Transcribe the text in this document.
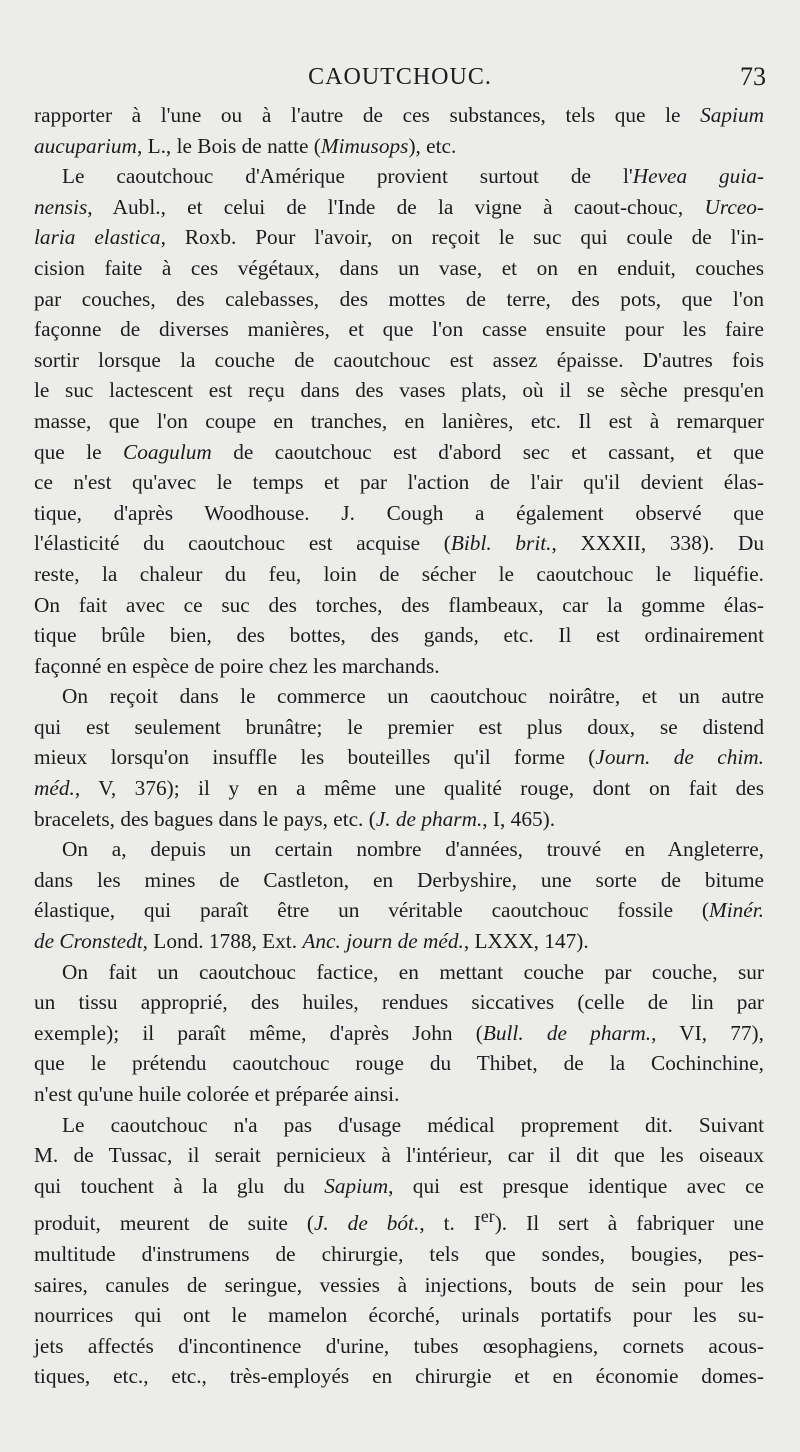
CAOUTCHOUC.	73
rapporter à l'une ou à l'autre de ces substances, tels que le Sapium
aucuparium, L., le Bois de natte (Mimusops), etc.
Le caoutchouc d'Amérique provient surtout de l'Hevea guia-
nensis, Aubl., et celui de l'Inde de la vigne à caout-chouc, Urceo-
laria elastica, Roxb. Pour l'avoir, on reçoit le suc qui coule de l'in-
cision faite à ces végétaux, dans un vase, et on en enduit, couches
par couches, des calebasses, des mottes de terre, des pots, que l'on
façonne de diverses manières, et que l'on casse ensuite pour les faire
sortir lorsque la couche de caoutchouc est assez épaisse. D'autres fois
le suc lactescent est reçu dans des vases plats, où il se sèche presqu'en
masse, que l'on coupe en tranches, en lanières, etc. Il est à remarquer
que le Coagulum de caoutchouc est d'abord sec et cassant, et que
ce n'est qu'avec le temps et par l'action de l'air qu'il devient élas-
tique, d'après Woodhouse. J. Cough a également observé que
l'élasticité du caoutchouc est acquise (Bibl. brit., XXXII, 338). Du
reste, la chaleur du feu, loin de sécher le caoutchouc le liquéfie.
On fait avec ce suc des torches, des flambeaux, car la gomme élas-
tique brûle bien, des bottes, des gands, etc. Il est ordinairement
façonné en espèce de poire chez les marchands.
On reçoit dans le commerce un caoutchouc noirâtre, et un autre
qui est seulement brunâtre; le premier est plus doux, se distend
mieux lorsqu'on insuffle les bouteilles qu'il forme (Journ. de chim.
méd., V, 376); il y en a même une qualité rouge, dont on fait des
bracelets, des bagues dans le pays, etc. (J. de pharm., I, 465).
On a, depuis un certain nombre d'années, trouvé en Angleterre,
dans les mines de Castleton, en Derbyshire, une sorte de bitume
élastique, qui paraît être un véritable caoutchouc fossile (Minér.
de Cronstedt, Lond. 1788, Ext. Anc. journ de méd., LXXX, 147).
On fait un caoutchouc factice, en mettant couche par couche, sur
un tissu approprié, des huiles, rendues siccatives (celle de lin par
exemple); il paraît même, d'après John (Bull. de pharm., VI, 77),
que le prétendu caoutchouc rouge du Thibet, de la Cochinchine,
n'est qu'une huile colorée et préparée ainsi.
Le caoutchouc n'a pas d'usage médical proprement dit. Suivant
M. de Tussac, il serait pernicieux à l'intérieur, car il dit que les oiseaux
qui touchent à la glu du Sapium, qui est presque identique avec ce
produit, meurent de suite (J. de bót., t. Ier). Il sert à fabriquer une
multitude d'instrumens de chirurgie, tels que sondes, bougies, pes-
saires, canules de seringue, vessies à injections, bouts de sein pour les
nourrices qui ont le mamelon écorché, urinals portatifs pour les su-
jets affectés d'incontinence d'urine, tubes œsophagiens, cornets acous-
tiques, etc., etc., très-employés en chirurgie et en économie domes-
